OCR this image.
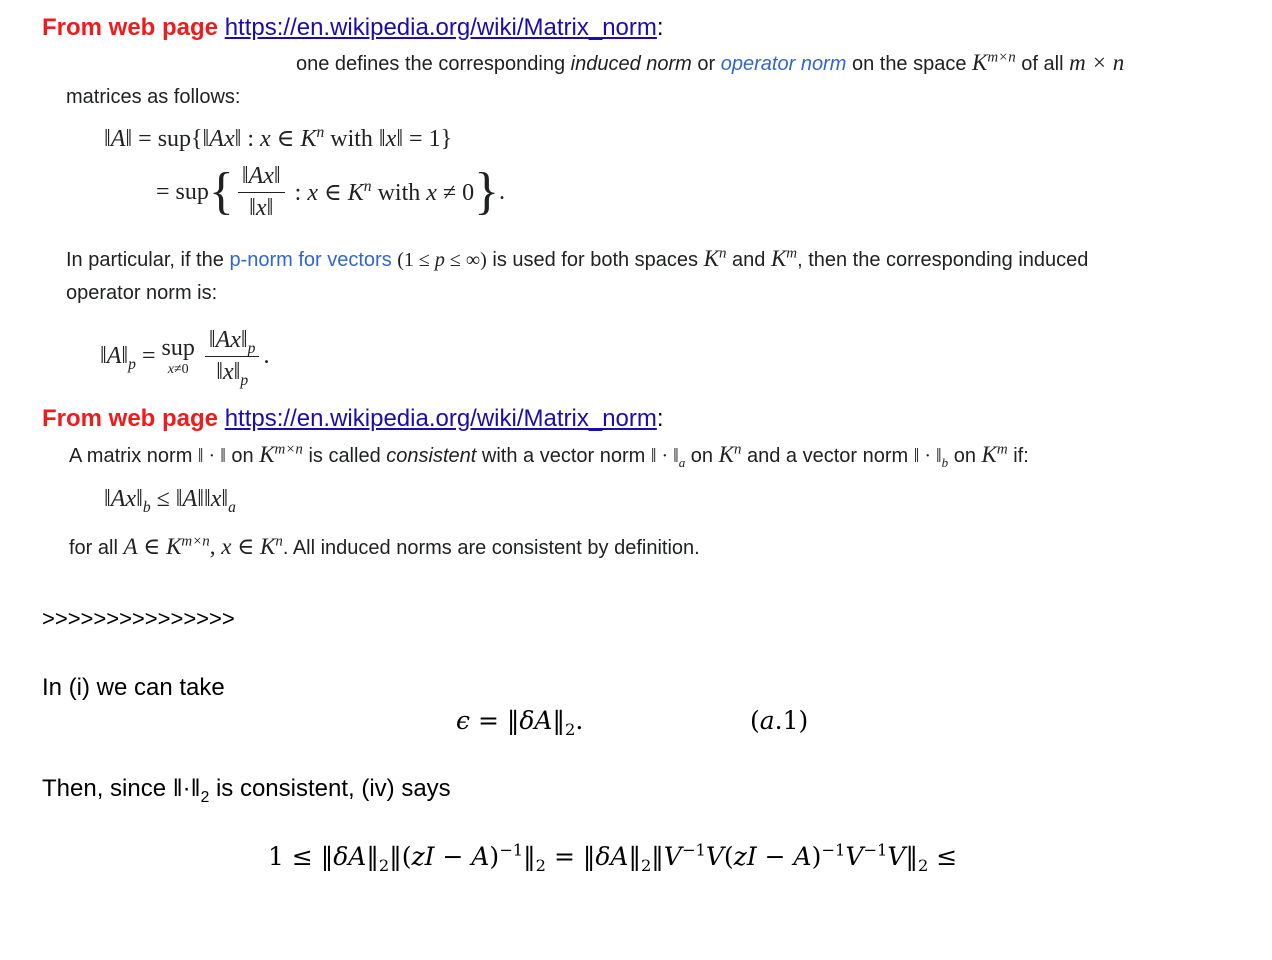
From web page https://en.wikipedia.org/wiki/Matrix_norm:
one defines the corresponding induced norm or operator norm on the space $K^{m\times n}$ of all m × n
matrices as follows:
‖A‖ = sup{‖Ax‖ : x ∈ $K^n$ with ‖x‖ = 1}
= sup { $\frac{‖Ax‖}{‖x‖}$ : x ∈ $K^n$ with x ≠ 0 } .
In particular, if the p-norm for vectors (1 ≤ p ≤ ∞) is used for both spaces $K^n$ and $K^m$, then the corresponding induced
operator norm is:
$‖A‖_p$ = sup
$x\ne 0 \frac{‖Ax‖_p}{‖x‖_p}$ .
From web page https://en.wikipedia.org/wiki/Matrix_norm:
A matrix norm ‖ · ‖ on $K^{m\times n}$ is called consistent with a vector norm ‖ · $‖_a$ on $K^n$ and a vector norm ‖ · $‖_b$ on $K^m$ if:
$‖Ax‖_b$ ≤ $‖A‖‖x‖_a$
for all A ∈ $K^{m\times n}$, x ∈ $K^n$. All induced norms are consistent by definition.
>>>>>>>>>>>>>>>
In (i) we can take
$\epsilon = ‖\delta A‖_2$.	(a.1)
Then, since $‖\cdot‖_2$ is consistent, (iv) says
$1 \le ‖\delta A‖_2‖(zI$ − $A)^{-1}‖_2$ = $‖\delta A‖_2‖V^{-1}V(zI$ − $A)^{-1}V^{-1}V‖_2$ ≤
